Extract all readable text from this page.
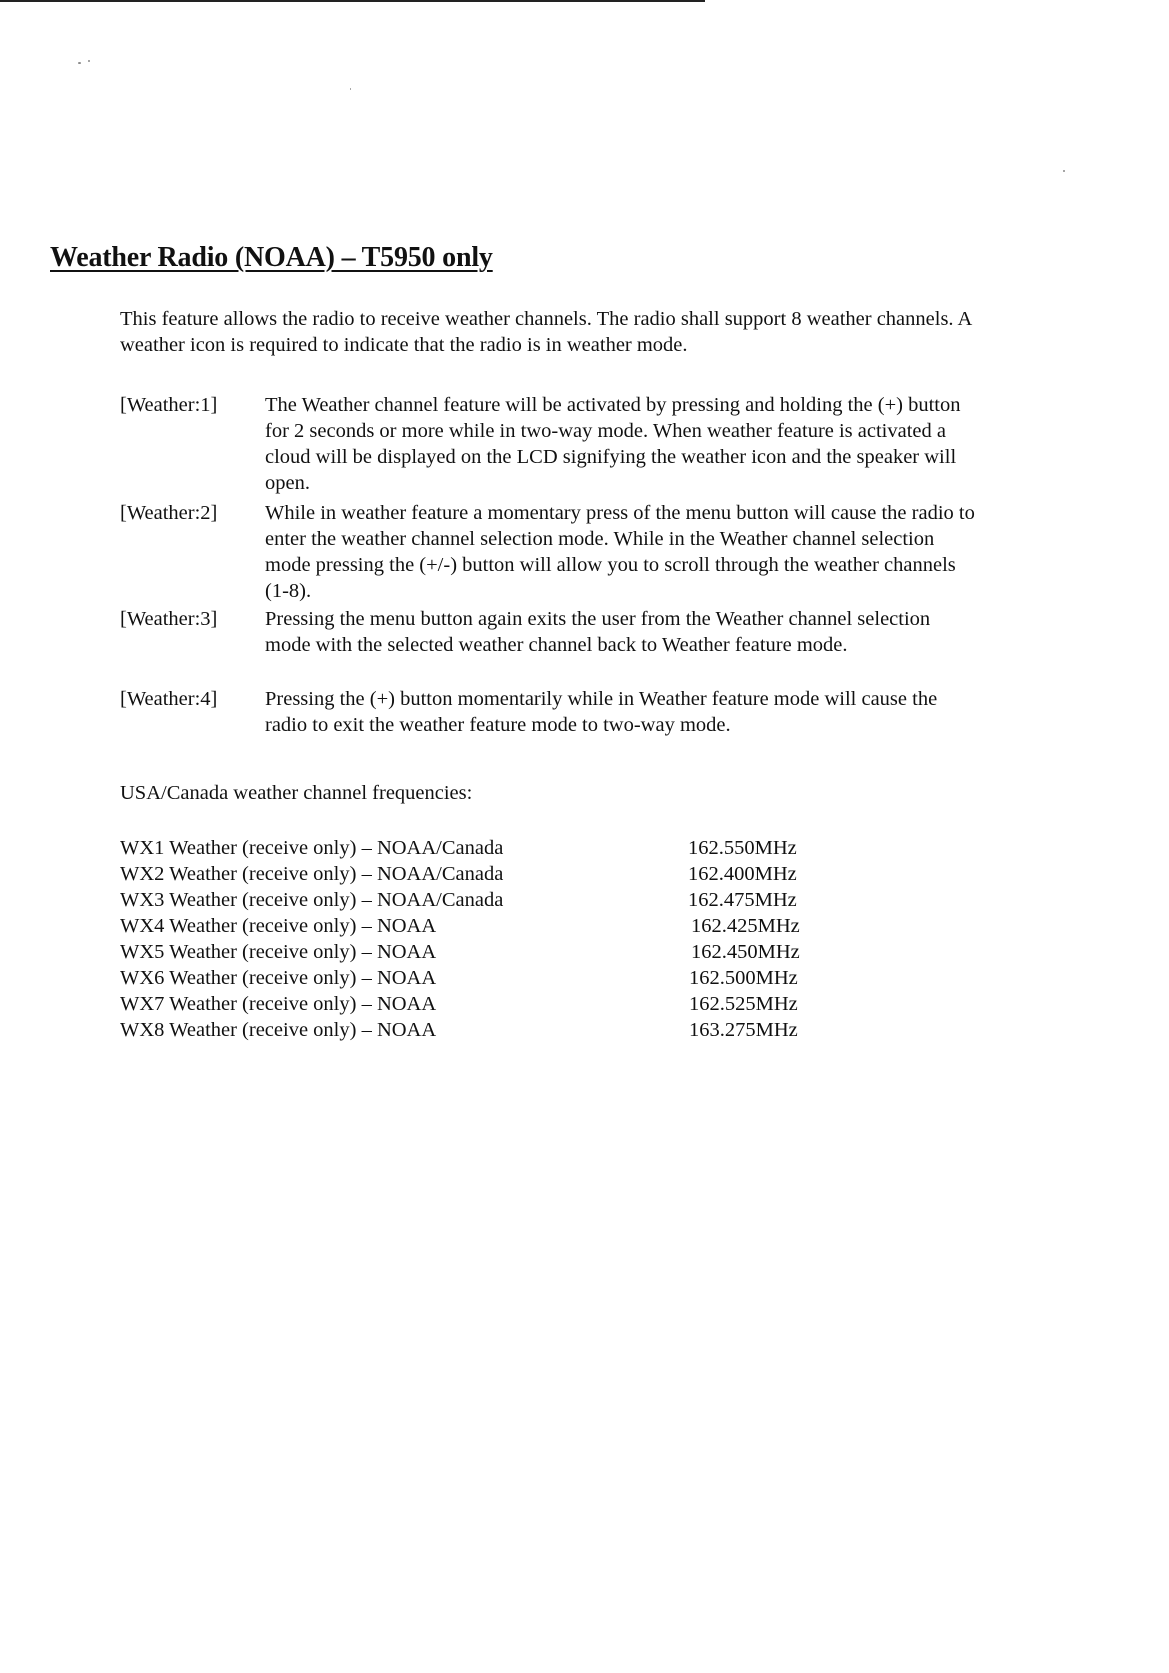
Weather Radio (NOAA) – T5950 only

This feature allows the radio to receive weather channels. The radio shall support 8 weather channels. A weather icon is required to indicate that the radio is in weather mode.

[Weather:1] The Weather channel feature will be activated by pressing and holding the (+) button for 2 seconds or more while in two-way mode. When weather feature is activated a cloud will be displayed on the LCD signifying the weather icon and the speaker will open.
[Weather:2] While in weather feature a momentary press of the menu button will cause the radio to enter the weather channel selection mode. While in the Weather channel selection mode pressing the (+/-) button will allow you to scroll through the weather channels (1-8).
[Weather:3] Pressing the menu button again exits the user from the Weather channel selection mode with the selected weather channel back to Weather feature mode.
[Weather:4] Pressing the (+) button momentarily while in Weather feature mode will cause the radio to exit the weather feature mode to two-way mode.

USA/Canada weather channel frequencies:

WX1 Weather (receive only) – NOAA/Canada	162.550MHz
WX2 Weather (receive only) – NOAA/Canada	162.400MHz
WX3 Weather (receive only) – NOAA/Canada	162.475MHz
WX4 Weather (receive only) – NOAA	162.425MHz
WX5 Weather (receive only) – NOAA	162.450MHz
WX6 Weather (receive only) – NOAA	162.500MHz
WX7 Weather (receive only) – NOAA	162.525MHz
WX8 Weather (receive only) – NOAA	163.275MHz
